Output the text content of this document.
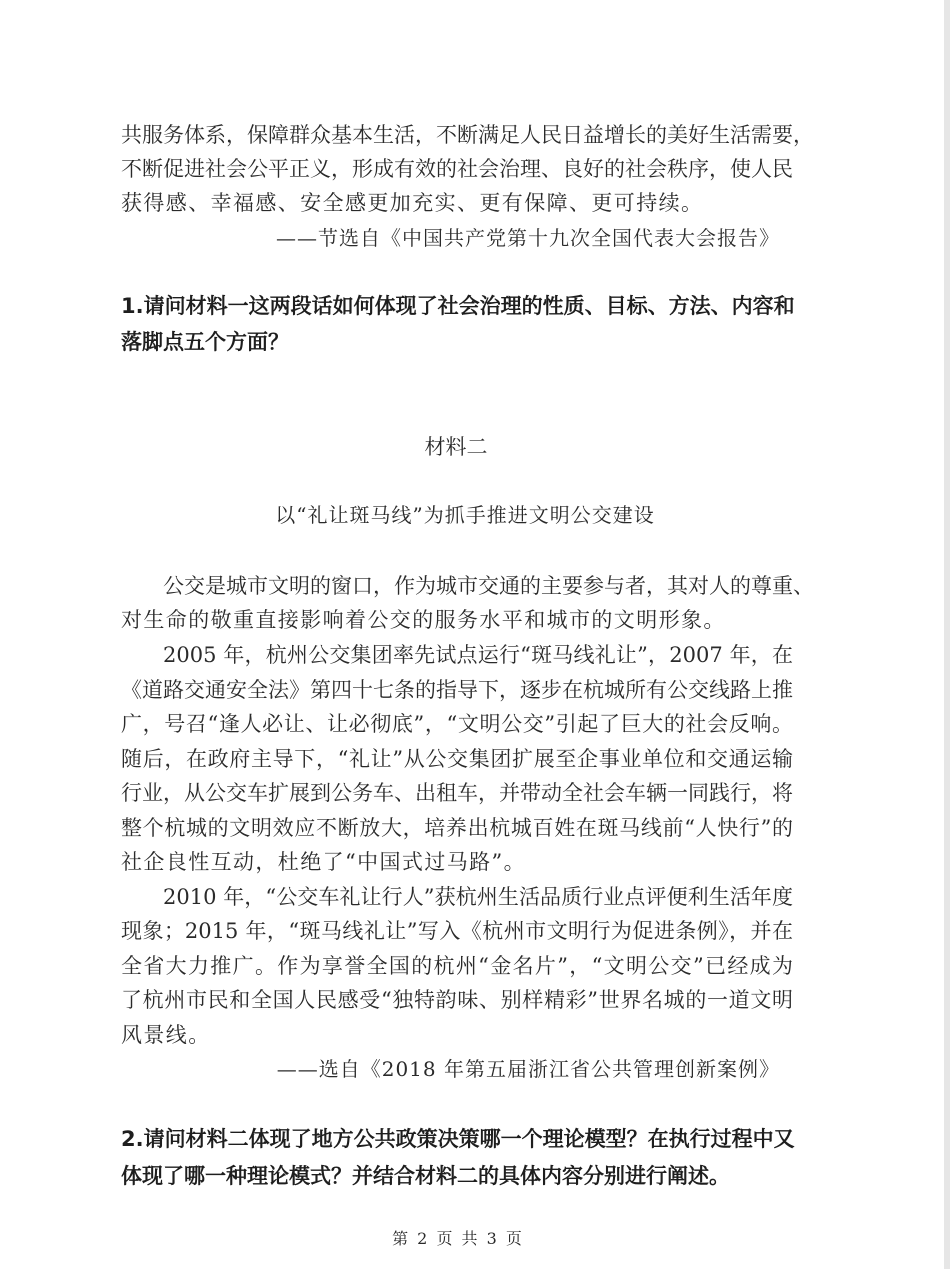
共服务体系，保障群众基本生活，不断满足人民日益增长的美好生活需要，
不断促进社会公平正义，形成有效的社会治理、良好的社会秩序，使人民
获得感、幸福感、安全感更加充实、更有保障、更可持续。
——节选自《中国共产党第十九次全国代表大会报告》
1.请问材料一这两段话如何体现了社会治理的性质、目标、方法、内容和
落脚点五个方面？
材料二
以“礼让斑马线”为抓手推进文明公交建设
公交是城市文明的窗口，作为城市交通的主要参与者，其对人的尊重、
对生命的敬重直接影响着公交的服务水平和城市的文明形象。
2005 年，杭州公交集团率先试点运行“斑马线礼让”，2007 年，在
《道路交通安全法》第四十七条的指导下，逐步在杭城所有公交线路上推
广，号召“逢人必让、让必彻底”，“文明公交”引起了巨大的社会反响。
随后，在政府主导下，“礼让”从公交集团扩展至企事业单位和交通运输
行业，从公交车扩展到公务车、出租车，并带动全社会车辆一同践行，将
整个杭城的文明效应不断放大，培养出杭城百姓在斑马线前“人快行”的
社企良性互动，杜绝了“中国式过马路”。
2010 年，“公交车礼让行人”获杭州生活品质行业点评便利生活年度
现象；2015 年，“斑马线礼让”写入《杭州市文明行为促进条例》，并在
全省大力推广。作为享誉全国的杭州“金名片”，“文明公交”已经成为
了杭州市民和全国人民感受“独特韵味、别样精彩”世界名城的一道文明
风景线。
——选自《2018 年第五届浙江省公共管理创新案例》
2.请问材料二体现了地方公共政策决策哪一个理论模型？在执行过程中又
体现了哪一种理论模式？并结合材料二的具体内容分别进行阐述。
第 2 页 共 3 页
